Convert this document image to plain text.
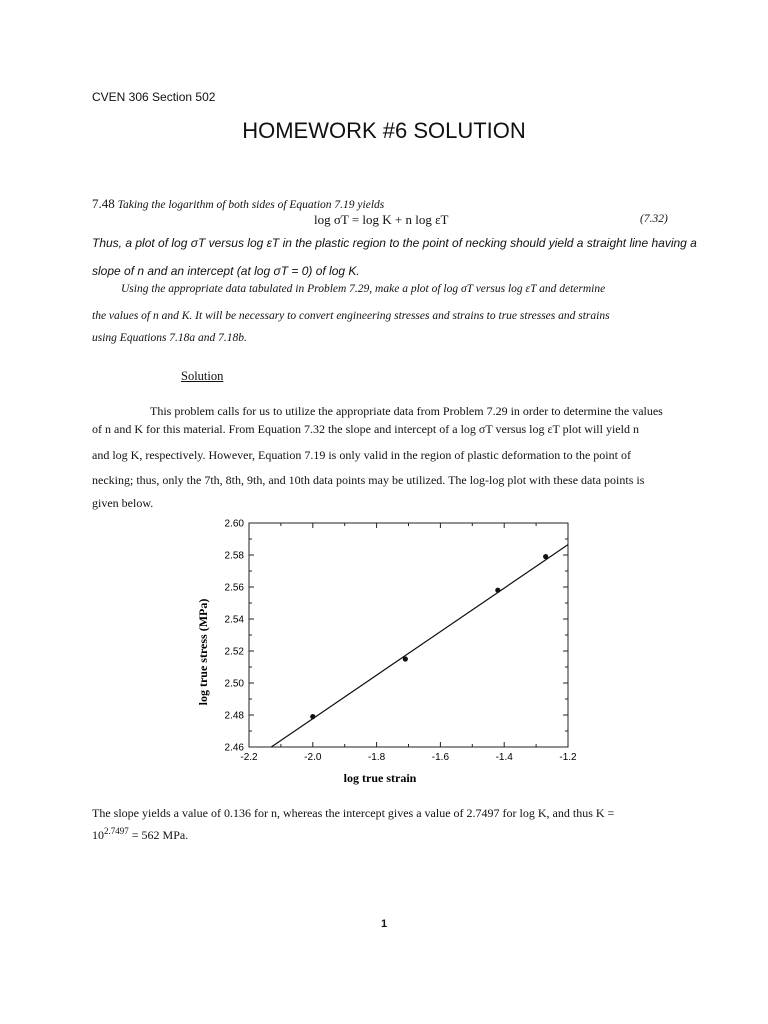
CVEN 306 Section 502
HOMEWORK #6 SOLUTION
7.48 Taking the logarithm of both sides of Equation 7.19 yields
log σT = log K + n log εT	(7.32)
Thus, a plot of log σT versus log εT in the plastic region to the point of necking should yield a straight line having a
slope of n and an intercept (at log σT = 0) of log K.
Using the appropriate data tabulated in Problem 7.29, make a plot of log σT versus log εT and determine
the values of n and K. It will be necessary to convert engineering stresses and strains to true stresses and strains
using Equations 7.18a and 7.18b.
Solution
This problem calls for us to utilize the appropriate data from Problem 7.29 in order to determine the values
of n and K for this material. From Equation 7.32 the slope and intercept of a log σT versus log εT plot will yield n
and log K, respectively. However, Equation 7.19 is only valid in the region of plastic deformation to the point of
necking; thus, only the 7th, 8th, 9th, and 10th data points may be utilized. The log-log plot with these data points is
given below.
-2.2	-2.0	-1.8	-1.6	-1.4	-1.2
2.46
2.48
2.50
2.52
2.54
2.56
2.58
2.60
log true strain
log true stress (MPa)
The slope yields a value of 0.136 for n, whereas the intercept gives a value of 2.7497 for log K, and thus K =
$10^{2.7497} = 562$ MPa.
1
